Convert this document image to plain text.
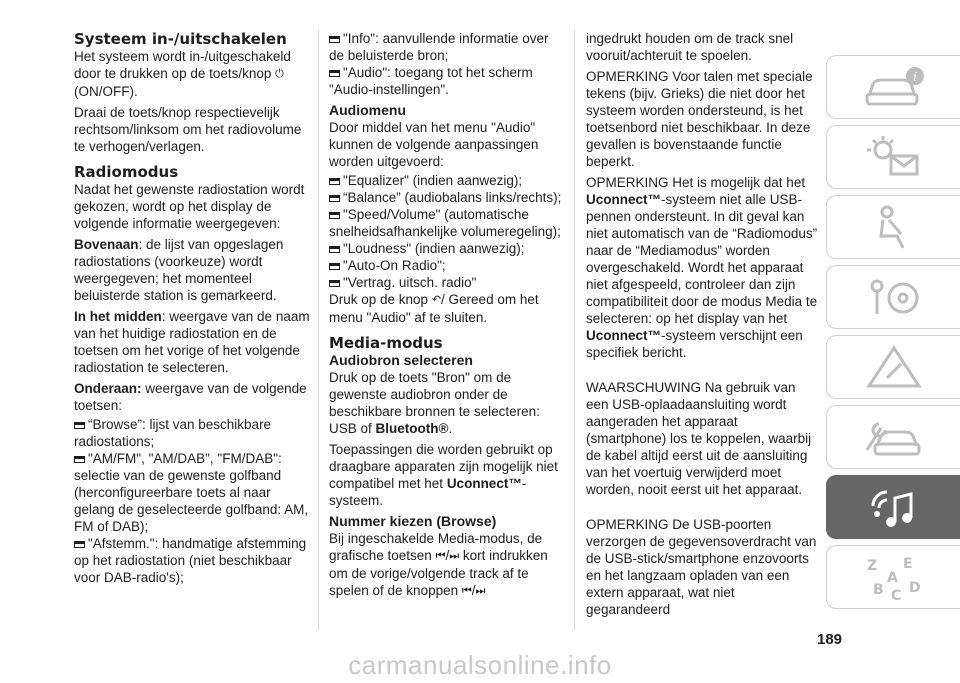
Systeem in-/uitschakelen

Het systeem wordt in-/uitgeschakeld door te drukken op de toets/knop ⏻
(ON/OFF).

Draai de toets/knop respectievelijk rechtsom/linksom om het radiovolume te verhogen/verlagen.

Radiomodus

Nadat het gewenste radiostation wordt gekozen, wordt op het display de volgende informatie weergegeven:

Bovenaan: de lijst van opgeslagen radiostations (voorkeuze) wordt weergegeven; het momenteel beluisterde station is gemarkeerd.

In het midden: weergave van de naam van het huidige radiostation en de toetsen om het vorige of het volgende radiostation te selecteren.

Onderaan: weergave van de volgende toetsen:

“Browse”: lijst van beschikbare radiostations;
"AM/FM", "AM/DAB", "FM/DAB": selectie van de gewenste golfband (herconfigureerbare toets al naar gelang de geselecteerde golfband: AM, FM of DAB);
"Afstemm.": handmatige afstemming op het radiostation (niet beschikbaar voor DAB-radio's);
"Info": aanvullende informatie over de beluisterde bron;
"Audio": toegang tot het scherm "Audio-instellingen".
Audiomenu

Door middel van het menu "Audio" kunnen de volgende aanpassingen worden uitgevoerd:

"Equalizer" (indien aanwezig);
“Balance” (audiobalans links/rechts);
"Speed/Volume" (automatische snelheidsafhankelijke volumeregeling);
"Loudness" (indien aanwezig);
"Auto-On Radio";
"Vertrag. uitsch. radio"

Druk op de knop ↶/ Gereed om het menu "Audio" af te sluiten.

Media-modus
Audiobron selecteren

Druk op de toets "Bron" om de gewenste audiobron onder de beschikbare bronnen te selecteren: USB of Bluetooth®.

Toepassingen die worden gebruikt op draagbare apparaten zijn mogelijk niet compatibel met het Uconnect™-systeem.

Nummer kiezen (Browse)

Bij ingeschakelde Media-modus, de grafische toetsen ⏮/⏭ kort indrukken om de vorige/volgende track af te spelen of de knoppen ⏮/⏭

ingedrukt houden om de track snel vooruit/achteruit te spoelen.

OPMERKING Voor talen met speciale tekens (bijv. Grieks) die niet door het systeem worden ondersteund, is het toetsenbord niet beschikbaar. In deze gevallen is bovenstaande functie beperkt.

OPMERKING Het is mogelijk dat het Uconnect™-systeem niet alle USB-pennen ondersteunt. In dit geval kan niet automatisch van de “Radiomodus” naar de “Mediamodus” worden overgeschakeld. Wordt het apparaat niet afgespeeld, controleer dan zijn compatibiliteit door de modus Media te selecteren: op het display van het Uconnect™-systeem verschijnt een specifiek bericht.

WAARSCHUWING Na gebruik van een USB-oplaadaansluiting wordt aangeraden het apparaat (smartphone) los te koppelen, waarbij de kabel altijd eerst uit de aansluiting van het voertuig verwijderd moet worden, nooit eerst uit het apparaat.

OPMERKING De USB-poorten verzorgen de gegevensoverdracht van de USB-stick/smartphone enzovoorts en het langzaam opladen van een extern apparaat, wat niet gegarandeerd

i
Z E
B
A
C D
189
carmanualsonline.info
